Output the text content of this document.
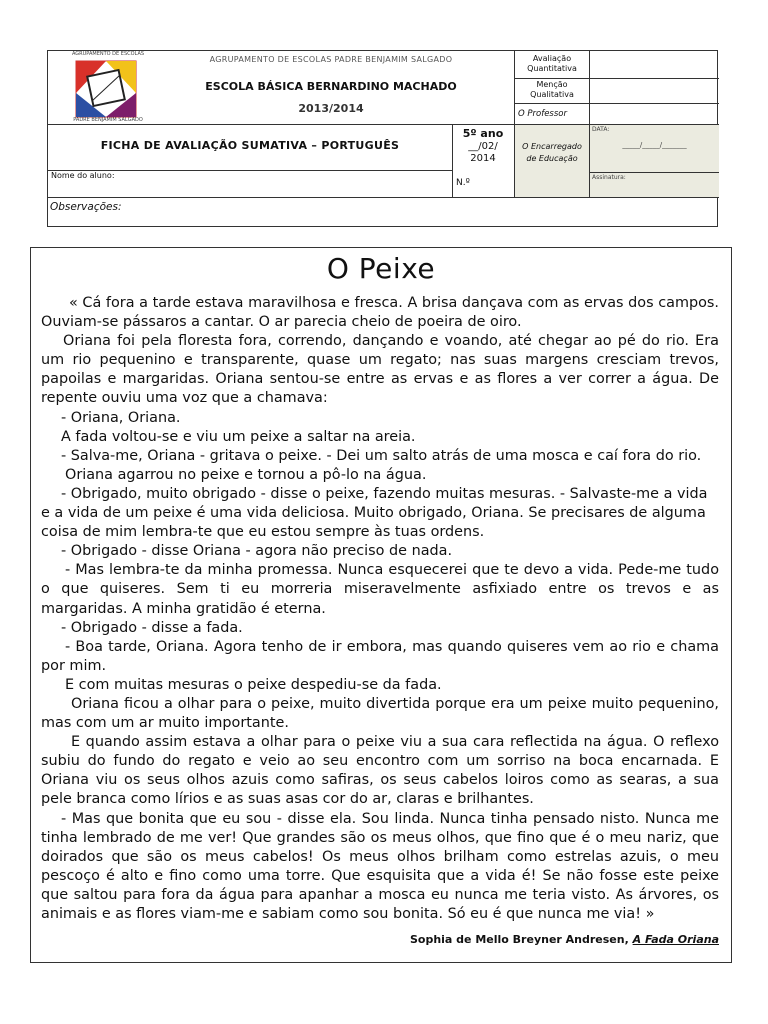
AGRUPAMENTO DE ESCOLAS
PADRE BENJAMIM SALGADO
AGRUPAMENTO DE ESCOLAS PADRE BENJAMIM SALGADO
ESCOLA BÁSICA BERNARDINO MACHADO
2013/2014
FICHA DE AVALIAÇÃO SUMATIVA – PORTUGUÊS
5º ano
__/02/
2014
N.º
Nome do aluno:
Observações:
Avaliação Quantitativa
Menção Qualitativa
O Professor
O Encarregado de Educação
DATA:
_____/_____/_______
Assinatura:
O Peixe

« Cá fora a tarde estava maravilhosa e fresca. A brisa dançava com as ervas dos campos. Ouviam-se pássaros a cantar. O ar parecia cheio de poeira de oiro.

Oriana foi pela floresta fora, correndo, dançando e voando, até chegar ao pé do rio. Era um rio pequenino e transparente, quase um regato; nas suas margens cresciam trevos, papoilas e margaridas. Oriana sentou-se entre as ervas e as flores a ver correr a água. De repente ouviu uma voz que a chamava:

- Oriana, Oriana.

A fada voltou-se e viu um peixe a saltar na areia.

- Salva-me, Oriana - gritava o peixe. - Dei um salto atrás de uma mosca e caí fora do rio.

Oriana agarrou no peixe e tornou a pô-lo na água.

- Obrigado, muito obrigado - disse o peixe, fazendo muitas mesuras. - Salvaste-me a vida e a vida de um peixe é uma vida deliciosa. Muito obrigado, Oriana. Se precisares de alguma coisa de mim lembra-te que eu estou sempre às tuas ordens.

- Obrigado - disse Oriana - agora não preciso de nada.

- Mas lembra-te da minha promessa. Nunca esquecerei que te devo a vida. Pede-me tudo o que quiseres. Sem ti eu morreria miseravelmente asfixiado entre os trevos e as margaridas. A minha gratidão é eterna.

- Obrigado - disse a fada.

- Boa tarde, Oriana. Agora tenho de ir embora, mas quando quiseres vem ao rio e chama por mim.

E com muitas mesuras o peixe despediu-se da fada.

Oriana ficou a olhar para o peixe, muito divertida porque era um peixe muito pequenino, mas com um ar muito importante.

E quando assim estava a olhar para o peixe viu a sua cara reflectida na água. O reflexo subiu do fundo do regato e veio ao seu encontro com um sorriso na boca encarnada. E Oriana viu os seus olhos azuis como safiras, os seus cabelos loiros como as searas, a sua pele branca como lírios e as suas asas cor do ar, claras e brilhantes.

- Mas que bonita que eu sou - disse ela. Sou linda. Nunca tinha pensado nisto. Nunca me tinha lembrado de me ver! Que grandes são os meus olhos, que fino que é o meu nariz, que doirados que são os meus cabelos! Os meus olhos brilham como estrelas azuis, o meu pescoço é alto e fino como uma torre. Que esquisita que a vida é! Se não fosse este peixe que saltou para fora da água para apanhar a mosca eu nunca me teria visto. As árvores, os animais e as flores viam-me e sabiam como sou bonita. Só eu é que nunca me via! »

Sophia de Mello Breyner Andresen, A Fada Oriana
